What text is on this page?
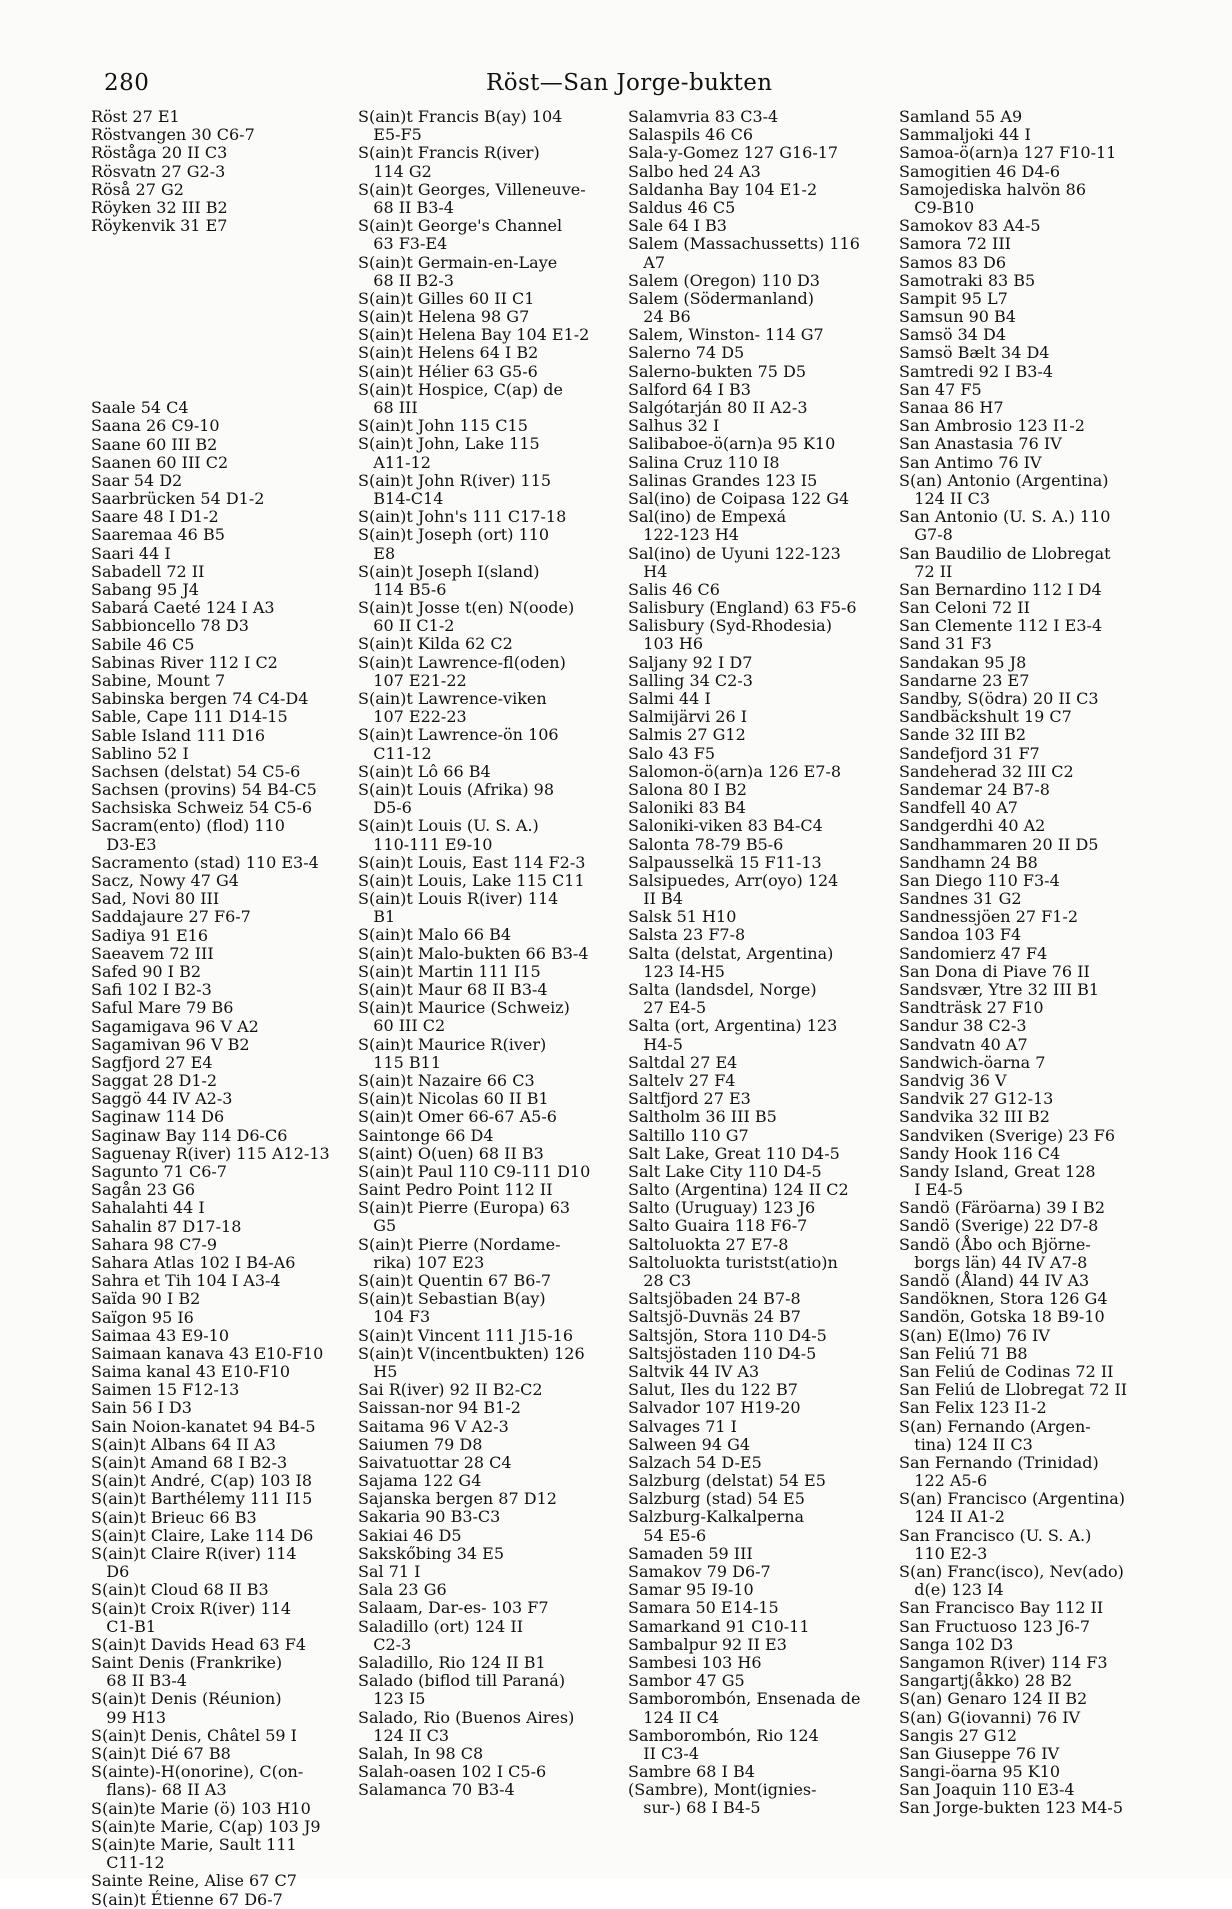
280	Röst—San Jorge-bukten
Röst 27 E1
Röstvangen 30 C6-7
Röståga 20 II C3
Rösvatn 27 G2-3
Röså 27 G2
Röyken 32 III B2
Röykenvik 31 E7
Saale 54 C4
Saana 26 C9-10
Saane 60 III B2
Saanen 60 III C2
Saar 54 D2
Saarbrücken 54 D1-2
Saare 48 I D1-2
Saaremaa 46 B5
Saari 44 I
Sabadell 72 II
Sabang 95 J4
Sabará Caeté 124 I A3
Sabbioncello 78 D3
Sabile 46 C5
Sabinas River 112 I C2
Sabine, Mount 7
Sabinska bergen 74 C4-D4
Sable, Cape 111 D14-15
Sable Island 111 D16
Sablino 52 I
Sachsen (delstat) 54 C5-6
Sachsen (provins) 54 B4-C5
Sachsiska Schweiz 54 C5-6
Sacram(ento) (flod) 110
D3-E3
Sacramento (stad) 110 E3-4
Sacz, Nowy 47 G4
Sad, Novi 80 III
Saddajaure 27 F6-7
Sadiya 91 E16
Saeavem 72 III
Safed 90 I B2
Safi 102 I B2-3
Saful Mare 79 B6
Sagamigava 96 V A2
Sagamivan 96 V B2
Sagfjord 27 E4
Saggat 28 D1-2
Saggö 44 IV A2-3
Saginaw 114 D6
Saginaw Bay 114 D6-C6
Saguenay R(iver) 115 A12-13
Sagunto 71 C6-7
Sagån 23 G6
Sahalahti 44 I
Sahalin 87 D17-18
Sahara 98 C7-9
Sahara Atlas 102 I B4-A6
Sahra et Tih 104 I A3-4
Saïda 90 I B2
Saïgon 95 I6
Saimaa 43 E9-10
Saimaan kanava 43 E10-F10
Saima kanal 43 E10-F10
Saimen 15 F12-13
Sain 56 I D3
Sain Noion-kanatet 94 B4-5
S(ain)t Albans 64 II A3
S(ain)t Amand 68 I B2-3
S(ain)t André, C(ap) 103 I8
S(ain)t Barthélemy 111 I15
S(ain)t Brieuc 66 B3
S(ain)t Claire, Lake 114 D6
S(ain)t Claire R(iver) 114
D6
S(ain)t Cloud 68 II B3
S(ain)t Croix R(iver) 114
C1-B1
S(ain)t Davids Head 63 F4
Saint Denis (Frankrike)
68 II B3-4
S(ain)t Denis (Réunion)
99 H13
S(ain)t Denis, Châtel 59 I
S(ain)t Dié 67 B8
S(ainte)-H(onorine), C(on-
flans)- 68 II A3
S(ain)te Marie (ö) 103 H10
S(ain)te Marie, C(ap) 103 J9
S(ain)te Marie, Sault 111
C11-12
Sainte Reine, Alise 67 C7
S(ain)t Étienne 67 D6-7
S(ain)t Francis B(ay) 104
E5-F5
S(ain)t Francis R(iver)
114 G2
S(ain)t Georges, Villeneuve-
68 II B3-4
S(ain)t George's Channel
63 F3-E4
S(ain)t Germain-en-Laye
68 II B2-3
S(ain)t Gilles 60 II C1
S(ain)t Helena 98 G7
S(ain)t Helena Bay 104 E1-2
S(ain)t Helens 64 I B2
S(ain)t Hélier 63 G5-6
S(ain)t Hospice, C(ap) de
68 III
S(ain)t John 115 C15
S(ain)t John, Lake 115
A11-12
S(ain)t John R(iver) 115
B14-C14
S(ain)t John's 111 C17-18
S(ain)t Joseph (ort) 110
E8
S(ain)t Joseph I(sland)
114 B5-6
S(ain)t Josse t(en) N(oode)
60 II C1-2
S(ain)t Kilda 62 C2
S(ain)t Lawrence-fl(oden)
107 E21-22
S(ain)t Lawrence-viken
107 E22-23
S(ain)t Lawrence-ön 106
C11-12
S(ain)t Lô 66 B4
S(ain)t Louis (Afrika) 98
D5-6
S(ain)t Louis (U. S. A.)
110-111 E9-10
S(ain)t Louis, East 114 F2-3
S(ain)t Louis, Lake 115 C11
S(ain)t Louis R(iver) 114
B1
S(ain)t Malo 66 B4
S(ain)t Malo-bukten 66 B3-4
S(ain)t Martin 111 I15
S(ain)t Maur 68 II B3-4
S(ain)t Maurice (Schweiz)
60 III C2
S(ain)t Maurice R(iver)
115 B11
S(ain)t Nazaire 66 C3
S(ain)t Nicolas 60 II B1
S(ain)t Omer 66-67 A5-6
Saintonge 66 D4
S(aint) O(uen) 68 II B3
S(ain)t Paul 110 C9-111 D10
Saint Pedro Point 112 II
S(ain)t Pierre (Europa) 63
G5
S(ain)t Pierre (Nordame-
rika) 107 E23
S(ain)t Quentin 67 B6-7
S(ain)t Sebastian B(ay)
104 F3
S(ain)t Vincent 111 J15-16
S(ain)t V(incentbukten) 126
H5
Sai R(iver) 92 II B2-C2
Saissan-nor 94 B1-2
Saitama 96 V A2-3
Saiumen 79 D8
Saivatuottar 28 C4
Sajama 122 G4
Sajanska bergen 87 D12
Sakaria 90 B3-C3
Sakiai 46 D5
Sakskőbing 34 E5
Sal 71 I
Sala 23 G6
Salaam, Dar-es- 103 F7
Saladillo (ort) 124 II
C2-3
Saladillo, Rio 124 II B1
Salado (biflod till Paraná)
123 I5
Salado, Rio (Buenos Aires)
124 II C3
Salah, In 98 C8
Salah-oasen 102 I C5-6
Salamanca 70 B3-4
Salamvria 83 C3-4
Salaspils 46 C6
Sala-y-Gomez 127 G16-17
Salbo hed 24 A3
Saldanha Bay 104 E1-2
Saldus 46 C5
Sale 64 I B3
Salem (Massachussetts) 116
A7
Salem (Oregon) 110 D3
Salem (Södermanland)
24 B6
Salem, Winston- 114 G7
Salerno 74 D5
Salerno-bukten 75 D5
Salford 64 I B3
Salgótarján 80 II A2-3
Salhus 32 I
Salibaboe-ö(arn)a 95 K10
Salina Cruz 110 I8
Salinas Grandes 123 I5
Sal(ino) de Coipasa 122 G4
Sal(ino) de Empexá
122-123 H4
Sal(ino) de Uyuni 122-123
H4
Salis 46 C6
Salisbury (England) 63 F5-6
Salisbury (Syd-Rhodesia)
103 H6
Saljany 92 I D7
Salling 34 C2-3
Salmi 44 I
Salmijärvi 26 I
Salmis 27 G12
Salo 43 F5
Salomon-ö(arn)a 126 E7-8
Salona 80 I B2
Saloniki 83 B4
Saloniki-viken 83 B4-C4
Salonta 78-79 B5-6
Salpausselkä 15 F11-13
Salsipuedes, Arr(oyo) 124
II B4
Salsk 51 H10
Salsta 23 F7-8
Salta (delstat, Argentina)
123 I4-H5
Salta (landsdel, Norge)
27 E4-5
Salta (ort, Argentina) 123
H4-5
Saltdal 27 E4
Saltelv 27 F4
Saltfjord 27 E3
Saltholm 36 III B5
Saltillo 110 G7
Salt Lake, Great 110 D4-5
Salt Lake City 110 D4-5
Salto (Argentina) 124 II C2
Salto (Uruguay) 123 J6
Salto Guaira 118 F6-7
Saltoluokta 27 E7-8
Saltoluokta turistst(atio)n
28 C3
Saltsjöbaden 24 B7-8
Saltsjö-Duvnäs 24 B7
Saltsjön, Stora 110 D4-5
Saltsjöstaden 110 D4-5
Saltvik 44 IV A3
Salut, Iles du 122 B7
Salvador 107 H19-20
Salvages 71 I
Salween 94 G4
Salzach 54 D-E5
Salzburg (delstat) 54 E5
Salzburg (stad) 54 E5
Salzburg-Kalkalperna
54 E5-6
Samaden 59 III
Samakov 79 D6-7
Samar 95 I9-10
Samara 50 E14-15
Samarkand 91 C10-11
Sambalpur 92 II E3
Sambesi 103 H6
Sambor 47 G5
Samborombón, Ensenada de
124 II C4
Samborombón, Rio 124
II C3-4
Sambre 68 I B4
(Sambre), Mont(ignies-
sur-) 68 I B4-5
Samland 55 A9
Sammaljoki 44 I
Samoa-ö(arn)a 127 F10-11
Samogitien 46 D4-6
Samojediska halvön 86
C9-B10
Samokov 83 A4-5
Samora 72 III
Samos 83 D6
Samotraki 83 B5
Sampit 95 L7
Samsun 90 B4
Samsö 34 D4
Samsö Bælt 34 D4
Samtredi 92 I B3-4
San 47 F5
Sanaa 86 H7
San Ambrosio 123 I1-2
San Anastasia 76 IV
San Antimo 76 IV
S(an) Antonio (Argentina)
124 II C3
San Antonio (U. S. A.) 110
G7-8
San Baudilio de Llobregat
72 II
San Bernardino 112 I D4
San Celoni 72 II
San Clemente 112 I E3-4
Sand 31 F3
Sandakan 95 J8
Sandarne 23 E7
Sandby, S(ödra) 20 II C3
Sandbäckshult 19 C7
Sande 32 III B2
Sandefjord 31 F7
Sandeherad 32 III C2
Sandemar 24 B7-8
Sandfell 40 A7
Sandgerdhi 40 A2
Sandhammaren 20 II D5
Sandhamn 24 B8
San Diego 110 F3-4
Sandnes 31 G2
Sandnessjöen 27 F1-2
Sandoa 103 F4
Sandomierz 47 F4
San Dona di Piave 76 II
Sandsvær, Ytre 32 III B1
Sandträsk 27 F10
Sandur 38 C2-3
Sandvatn 40 A7
Sandwich-öarna 7
Sandvig 36 V
Sandvik 27 G12-13
Sandvika 32 III B2
Sandviken (Sverige) 23 F6
Sandy Hook 116 C4
Sandy Island, Great 128
I E4-5
Sandö (Färöarna) 39 I B2
Sandö (Sverige) 22 D7-8
Sandö (Åbo och Björne-
borgs län) 44 IV A7-8
Sandö (Åland) 44 IV A3
Sandöknen, Stora 126 G4
Sandön, Gotska 18 B9-10
S(an) E(lmo) 76 IV
San Feliú 71 B8
San Feliú de Codinas 72 II
San Feliú de Llobregat 72 II
San Felix 123 I1-2
S(an) Fernando (Argen-
tina) 124 II C3
San Fernando (Trinidad)
122 A5-6
S(an) Francisco (Argentina)
124 II A1-2
San Francisco (U. S. A.)
110 E2-3
S(an) Franc(isco), Nev(ado)
d(e) 123 I4
San Francisco Bay 112 II
San Fructuoso 123 J6-7
Sanga 102 D3
Sangamon R(iver) 114 F3
Sangartj(åkko) 28 B2
S(an) Genaro 124 II B2
S(an) G(iovanni) 76 IV
Sangis 27 G12
San Giuseppe 76 IV
Sangi-öarna 95 K10
San Joaquin 110 E3-4
San Jorge-bukten 123 M4-5
